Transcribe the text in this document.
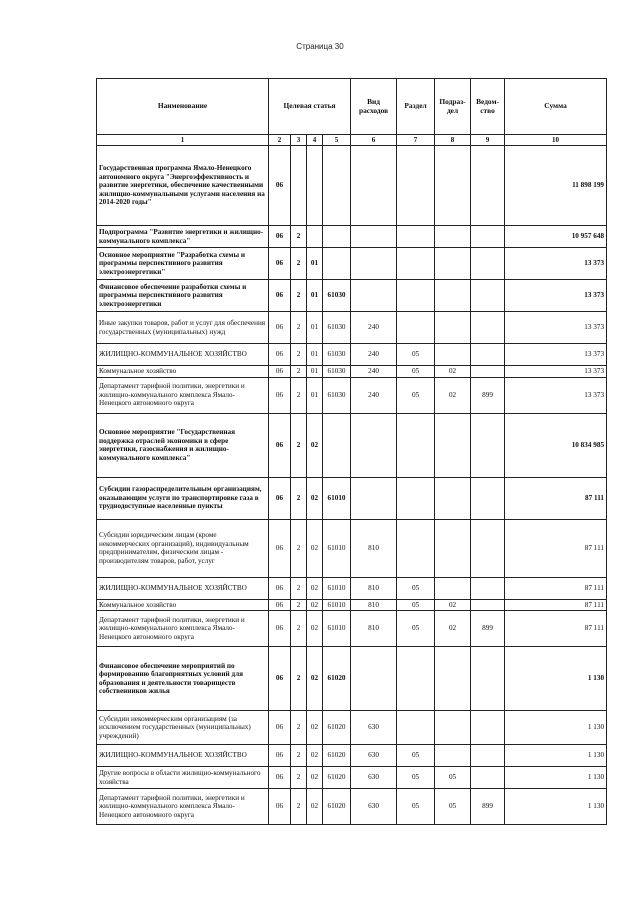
Страница 30
Наименование	Целевая статья				Вид расходов	Раздел	Подраз-дел	Ведом-ство	Сумма
1	2	3	4	5	6	7	8	9	10
Государственная программа Ямало-Ненецкого автономного округа "Энергоэффективность и развитие энергетики, обеспечение качественными жилищно-коммунальными услугами населения на 2014-2020 годы"	06								11 898 199
Подпрограмма "Развитие энергетики и жилищно-коммунального комплекса"	06	2							10 957 648
Основное мероприятие "Разработка схемы и программы перспективного развития электроэнергетики"	06	2	01						13 373
Финансовое обеспечение разработки схемы и программы перспективного развития электроэнергетики	06	2	01	61030					13 373
Иные закупки товаров, работ и услуг для обеспечения государственных (муниципальных) нужд	06	2	01	61030	240				13 373
ЖИЛИЩНО-КОММУНАЛЬНОЕ ХОЗЯЙСТВО	06	2	01	61030	240	05			13 373
Коммунальное хозяйство	06	2	01	61030	240	05	02		13 373
Департамент тарифной политики, энергетики и жилищно-коммунального комплекса Ямало-Ненецкого автономного округа	06	2	01	61030	240	05	02	899	13 373
Основное мероприятие "Государственная поддержка отраслей экономики в сфере энергетики, газоснабжения и жилищно-коммунального комплекса"	06	2	02						10 834 985
Субсидии газораспределительным организациям, оказывающим услуги по транспортировке газа в труднодоступные населенные пункты	06	2	02	61010					87 111
Субсидии юридическим лицам (кроме некоммерческих организаций), индивидуальным предпринимателям, физическим лицам - производителям товаров, работ, услуг	06	2	02	61010	810				87 111
ЖИЛИЩНО-КОММУНАЛЬНОЕ ХОЗЯЙСТВО	06	2	02	61010	810	05			87 111
Коммунальное хозяйство	06	2	02	61010	810	05	02		87 111
Департамент тарифной политики, энергетики и жилищно-коммунального комплекса Ямало-Ненецкого автономного округа	06	2	02	61010	810	05	02	899	87 111
Финансовое обеспечение мероприятий по формированию благоприятных условий для образования и деятельности товариществ собственников жилья	06	2	02	61020					1 130
Субсидии некоммерческим организациям (за исключением государственных (муниципальных) учреждений)	06	2	02	61020	630				1 130
ЖИЛИЩНО-КОММУНАЛЬНОЕ ХОЗЯЙСТВО	06	2	02	61020	630	05			1 130
Другие вопросы в области жилищно-коммунального хозяйства	06	2	02	61020	630	05	05		1 130
Департамент тарифной политики, энергетики и жилищно-коммунального комплекса Ямало-Ненецкого автономного округа	06	2	02	61020	630	05	05	899	1 130
